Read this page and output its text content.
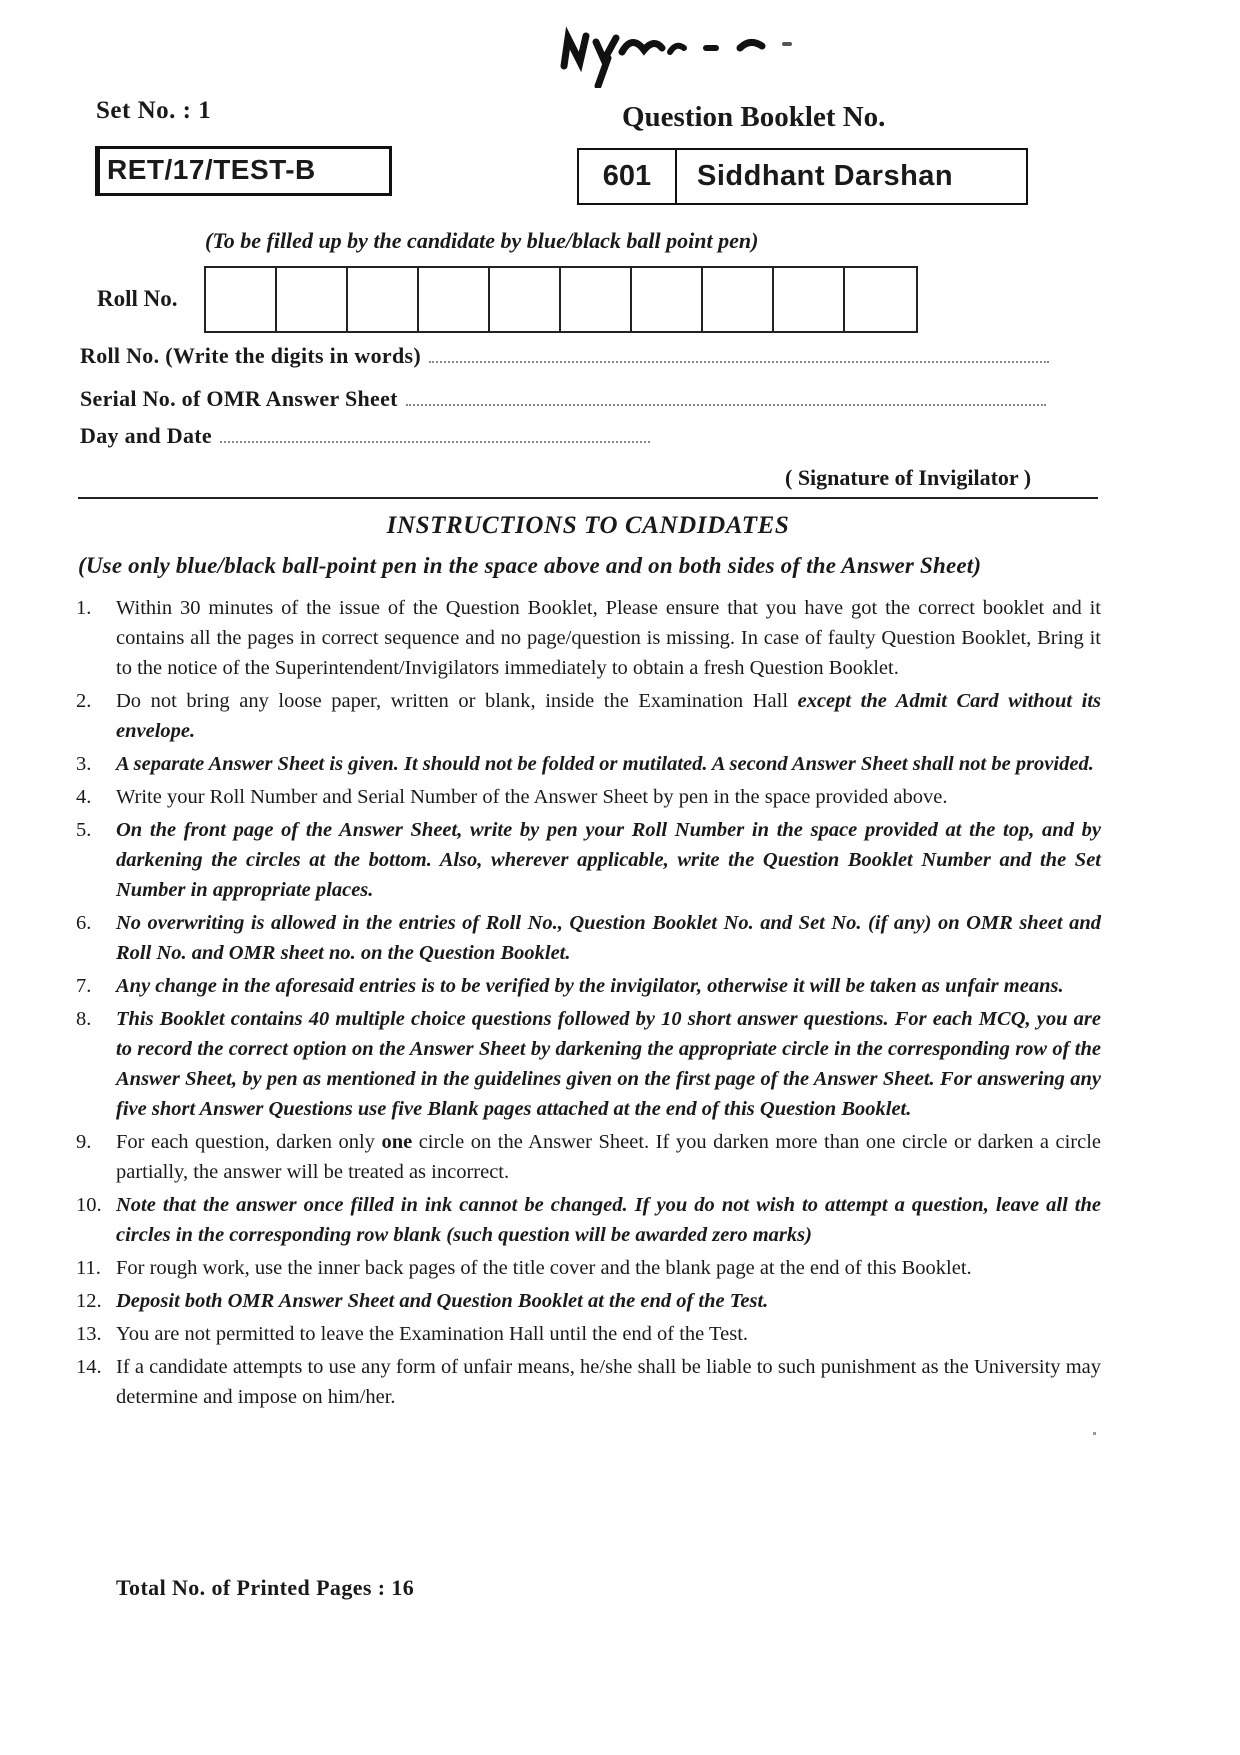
Set No. : 1	Question Booklet No.
RET/17/TEST-B	601	Siddhant Darshan
(To be filled up by the candidate by blue/black ball point pen)
Roll No.
Roll No. (Write the digits in words)
Serial No. of OMR Answer Sheet
Day and Date
( Signature of Invigilator )
INSTRUCTIONS TO CANDIDATES
(Use only blue/black ball-point pen in the space above and on both sides of the Answer Sheet)
1.	Within 30 minutes of the issue of the Question Booklet, Please ensure that you have got the correct booklet and it contains all the pages in correct sequence and no page/question is missing. In case of faulty Question Booklet, Bring it to the notice of the Superintendent/Invigilators immediately to obtain a fresh Question Booklet.
2.	Do not bring any loose paper, written or blank, inside the Examination Hall except the Admit Card without its envelope.
3.	A separate Answer Sheet is given. It should not be folded or mutilated. A second Answer Sheet shall not be provided.
4.	Write your Roll Number and Serial Number of the Answer Sheet by pen in the space provided above.
5.	On the front page of the Answer Sheet, write by pen your Roll Number in the space provided at the top, and by darkening the circles at the bottom. Also, wherever applicable, write the Question Booklet Number and the Set Number in appropriate places.
6.	No overwriting is allowed in the entries of Roll No., Question Booklet No. and Set No. (if any) on OMR sheet and Roll No. and OMR sheet no. on the Question Booklet.
7.	Any change in the aforesaid entries is to be verified by the invigilator, otherwise it will be taken as unfair means.
8.	This Booklet contains 40 multiple choice questions followed by 10 short answer questions. For each MCQ, you are to record the correct option on the Answer Sheet by darkening the appropriate circle in the corresponding row of the Answer Sheet, by pen as mentioned in the guidelines given on the first page of the Answer Sheet. For answering any five short Answer Questions use five Blank pages attached at the end of this Question Booklet.
9.	For each question, darken only one circle on the Answer Sheet. If you darken more than one circle or darken a circle partially, the answer will be treated as incorrect.
10. Note that the answer once filled in ink cannot be changed. If you do not wish to attempt a question, leave all the circles in the corresponding row blank (such question will be awarded zero marks)
11. For rough work, use the inner back pages of the title cover and the blank page at the end of this Booklet.
12. Deposit both OMR Answer Sheet and Question Booklet at the end of the Test.
13. You are not permitted to leave the Examination Hall until the end of the Test.
14. If a candidate attempts to use any form of unfair means, he/she shall be liable to such punishment as the University may determine and impose on him/her.
Total No. of Printed Pages : 16
